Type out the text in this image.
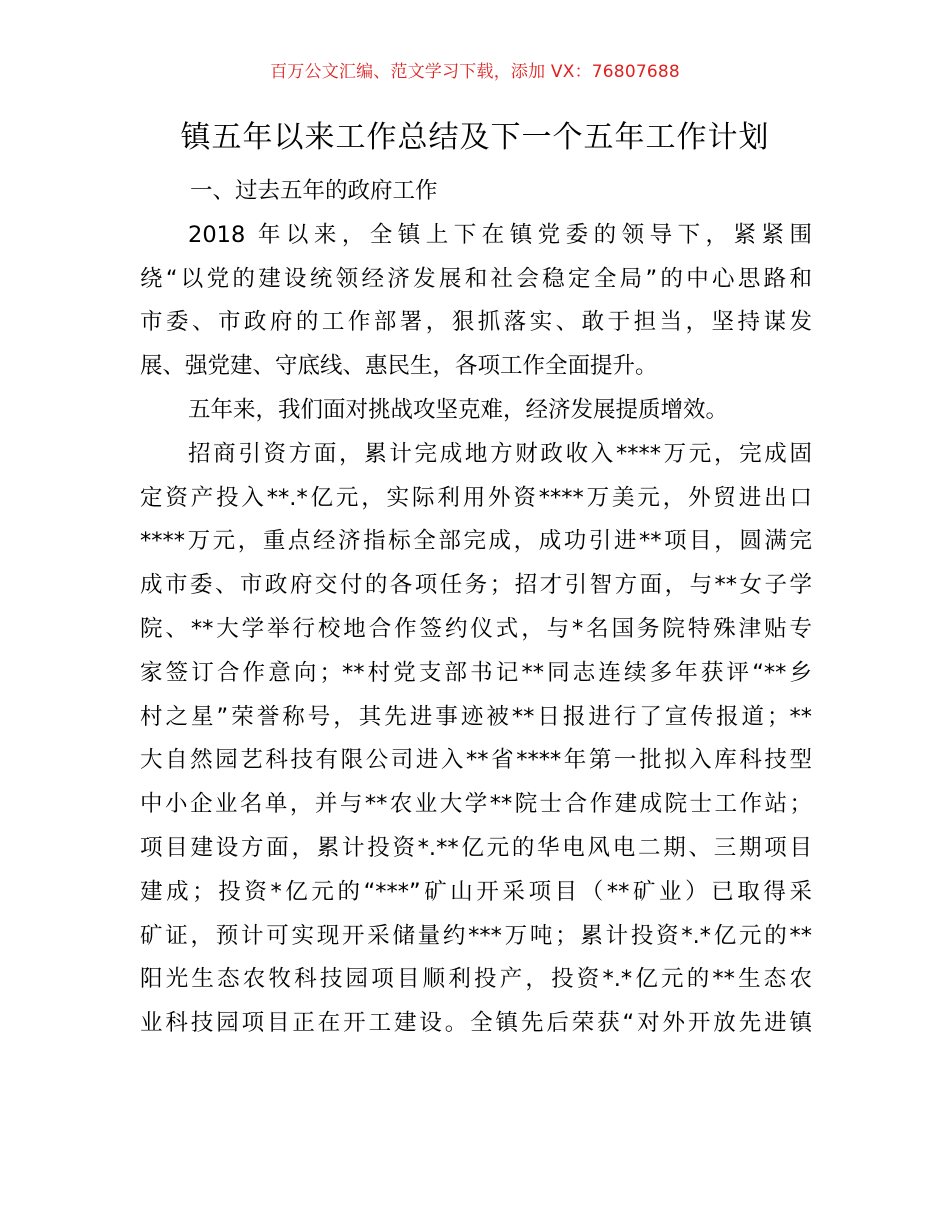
百万公文汇编、范文学习下载，添加 VX：76807688
镇五年以来工作总结及下一个五年工作计划
一、过去五年的政府工作
2018 年以来，全镇上下在镇党委的领导下，紧紧围
绕“以党的建设统领经济发展和社会稳定全局”的中心思路和
市委、市政府的工作部署，狠抓落实、敢于担当，坚持谋发
展、强党建、守底线、惠民生，各项工作全面提升。
五年来，我们面对挑战攻坚克难，经济发展提质增效。
招商引资方面，累计完成地方财政收入****万元，完成固
定资产投入**.*亿元，实际利用外资****万美元，外贸进出口
****万元，重点经济指标全部完成，成功引进**项目，圆满完
成市委、市政府交付的各项任务；招才引智方面，与**女子学
院、**大学举行校地合作签约仪式，与*名国务院特殊津贴专
家签订合作意向；**村党支部书记**同志连续多年获评“**乡
村之星”荣誉称号，其先进事迹被**日报进行了宣传报道；**
大自然园艺科技有限公司进入**省****年第一批拟入库科技型
中小企业名单，并与**农业大学**院士合作建成院士工作站；
项目建设方面，累计投资*.**亿元的华电风电二期、三期项目
建成；投资*亿元的“***”矿山开采项目（**矿业）已取得采
矿证，预计可实现开采储量约***万吨；累计投资*.*亿元的**
阳光生态农牧科技园项目顺利投产，投资*.*亿元的**生态农
业科技园项目正在开工建设。全镇先后荣获“对外开放先进镇
